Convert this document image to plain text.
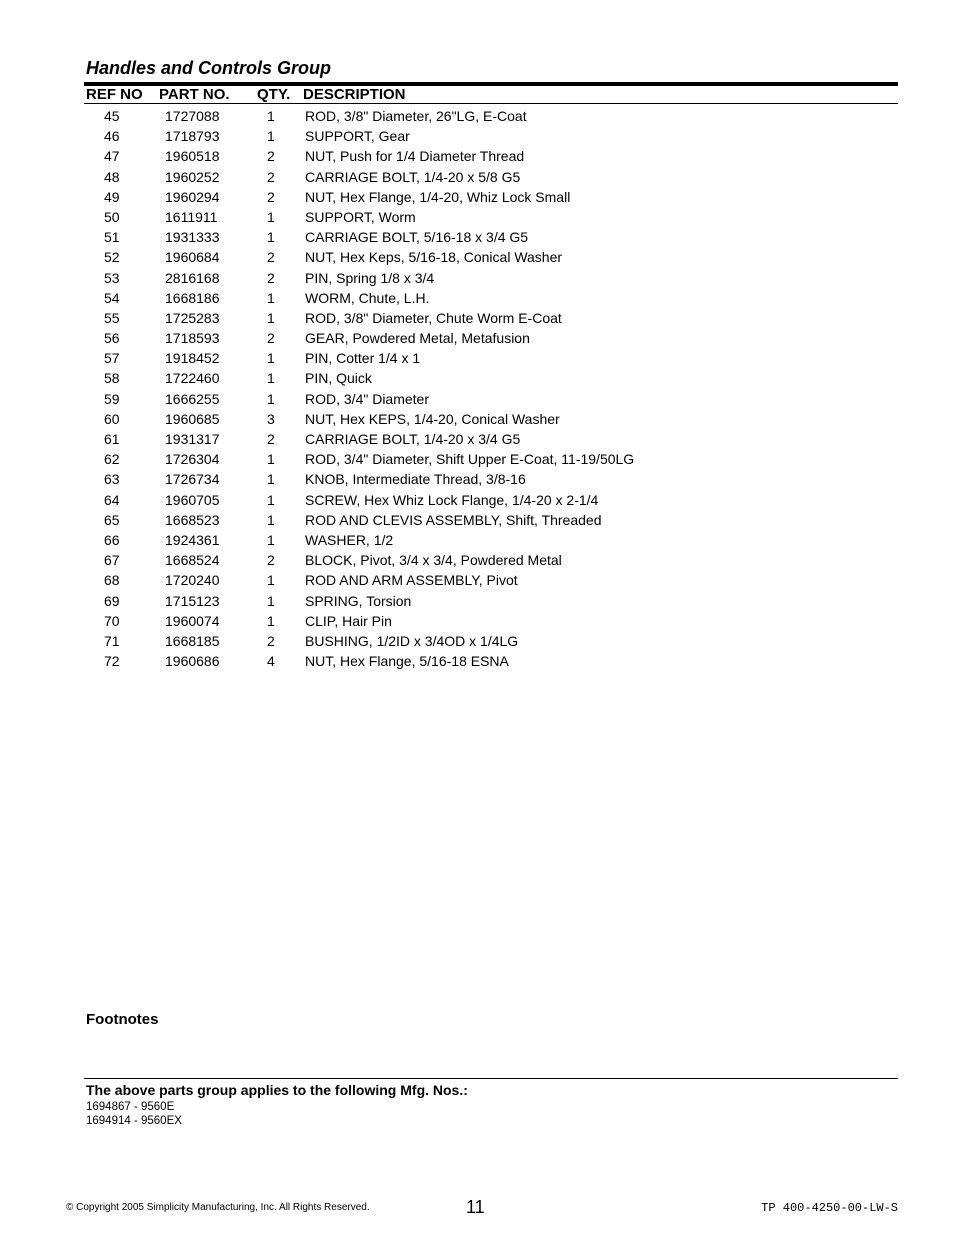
Handles and Controls Group
REF NO PART NO. QTY. DESCRIPTION
45	1727088	1 ROD, 3/8" Diameter, 26"LG, E-Coat
46	1718793	1 SUPPORT, Gear
47	1960518	2 NUT, Push for 1/4 Diameter Thread
48	1960252	2 CARRIAGE BOLT, 1/4-20 x 5/8 G5
49	1960294	2 NUT, Hex Flange, 1/4-20, Whiz Lock Small
50	1611911	1 SUPPORT, Worm
51	1931333	1 CARRIAGE BOLT, 5/16-18 x 3/4 G5
52	1960684	2 NUT, Hex Keps, 5/16-18, Conical Washer
53	2816168	2 PIN, Spring 1/8 x 3/4
54	1668186	1 WORM, Chute, L.H.
55	1725283	1 ROD, 3/8" Diameter, Chute Worm E-Coat
56	1718593	2 GEAR, Powdered Metal, Metafusion
57	1918452	1 PIN, Cotter 1/4 x 1
58	1722460	1 PIN, Quick
59	1666255	1 ROD, 3/4" Diameter
60	1960685	3 NUT, Hex KEPS, 1/4-20, Conical Washer
61	1931317	2 CARRIAGE BOLT, 1/4-20 x 3/4 G5
62	1726304	1 ROD, 3/4" Diameter, Shift Upper E-Coat, 11-19/50LG
63	1726734	1 KNOB, Intermediate Thread, 3/8-16
64	1960705	1 SCREW, Hex Whiz Lock Flange, 1/4-20 x 2-1/4
65	1668523	1 ROD AND CLEVIS ASSEMBLY, Shift, Threaded
66	1924361	1 WASHER, 1/2
67	1668524	2 BLOCK, Pivot, 3/4 x 3/4, Powdered Metal
68	1720240	1 ROD AND ARM ASSEMBLY, Pivot
69	1715123	1 SPRING, Torsion
70	1960074	1 CLIP, Hair Pin
71	1668185	2 BUSHING, 1/2ID x 3/4OD x 1/4LG
72	1960686	4 NUT, Hex Flange, 5/16-18 ESNA
Footnotes
The above parts group applies to the following Mfg. Nos.:
1694867 - 9560E
1694914 - 9560EX
© Copyright 2005 Simplicity Manufacturing, Inc. All Rights Reserved.	11	TP 400-4250-00-LW-S
